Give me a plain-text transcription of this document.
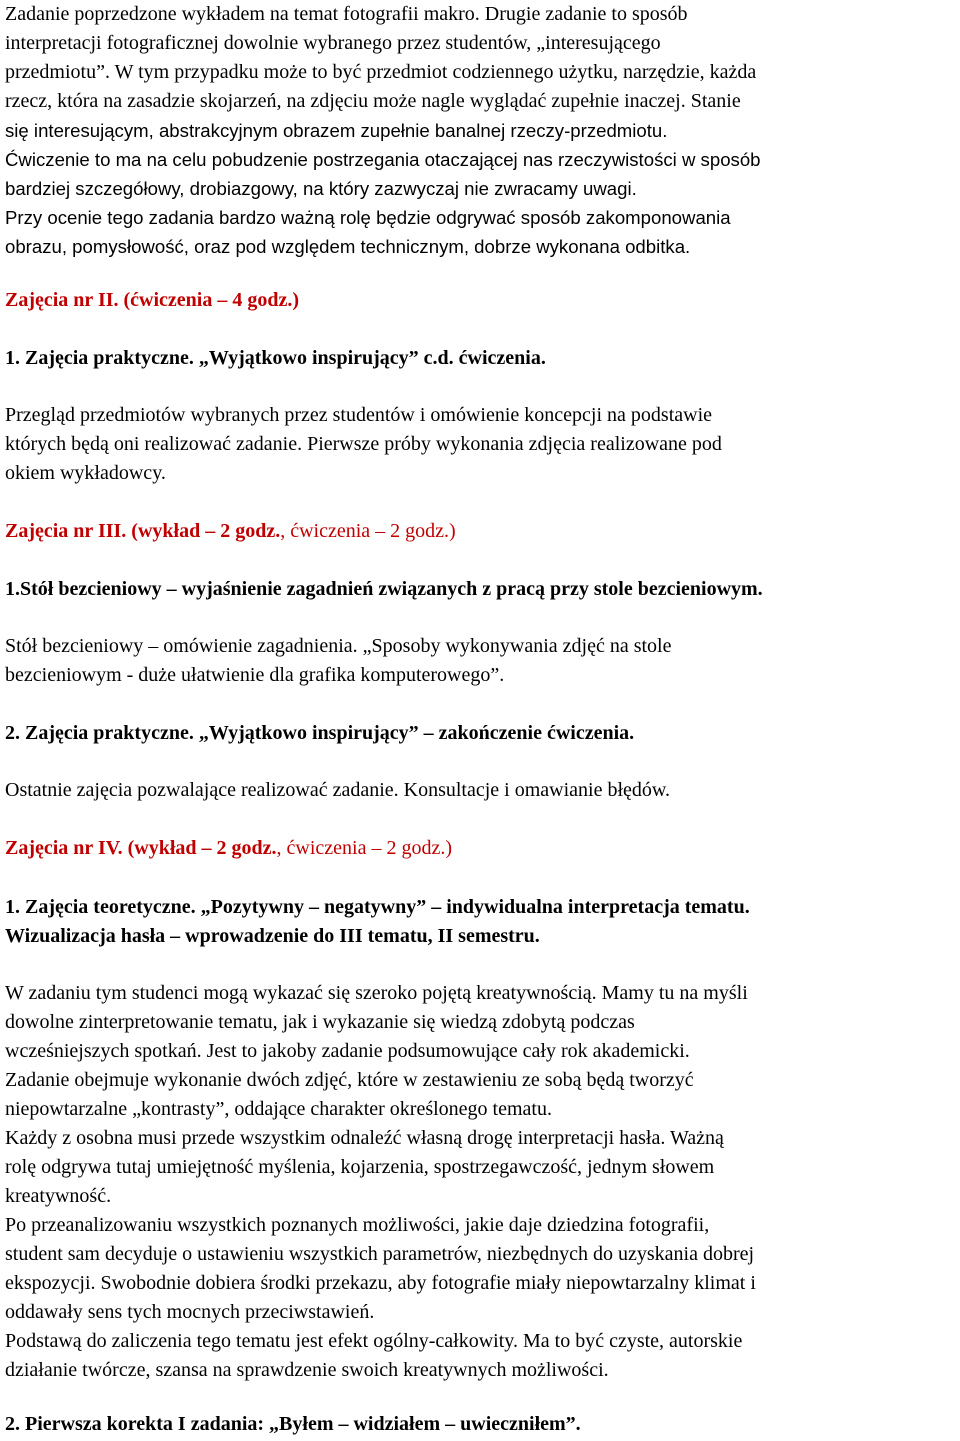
Zadanie poprzedzone wykładem na temat fotografii makro. Drugie zadanie to sposób
interpretacji fotograficznej dowolnie wybranego przez studentów, „interesującego
przedmiotu”. W tym przypadku może to być przedmiot codziennego użytku, narzędzie, każda
rzecz, która na zasadzie skojarzeń, na zdjęciu może nagle wyglądać zupełnie inaczej. Stanie
się interesującym, abstrakcyjnym obrazem zupełnie banalnej rzeczy-przedmiotu.
Ćwiczenie to ma na celu pobudzenie postrzegania otaczającej nas rzeczywistości w sposób
bardziej szczegółowy, drobiazgowy, na który zazwyczaj nie zwracamy uwagi.
Przy ocenie tego zadania bardzo ważną rolę będzie odgrywać sposób zakomponowania
obrazu, pomysłowość, oraz pod względem technicznym, dobrze wykonana odbitka.
Zajęcia nr II. (ćwiczenia – 4 godz.)
1. Zajęcia praktyczne. „Wyjątkowo inspirujący” c.d. ćwiczenia.
Przegląd przedmiotów wybranych przez studentów i omówienie koncepcji na podstawie
których będą oni realizować zadanie. Pierwsze próby wykonania zdjęcia realizowane pod
okiem wykładowcy.
Zajęcia nr III. (wykład – 2 godz., ćwiczenia – 2 godz.)
1.Stół bezcieniowy – wyjaśnienie zagadnień związanych z pracą przy stole bezcieniowym.
Stół bezcieniowy – omówienie zagadnienia. „Sposoby wykonywania zdjęć na stole
bezcieniowym - duże ułatwienie dla grafika komputerowego”.
2. Zajęcia praktyczne. „Wyjątkowo inspirujący” – zakończenie ćwiczenia.
Ostatnie zajęcia pozwalające realizować zadanie. Konsultacje i omawianie błędów.
Zajęcia nr IV. (wykład – 2 godz., ćwiczenia – 2 godz.)
1. Zajęcia teoretyczne. „Pozytywny – negatywny” – indywidualna interpretacja tematu.
Wizualizacja hasła – wprowadzenie do III tematu, II semestru.
W zadaniu tym studenci mogą wykazać się szeroko pojętą kreatywnością. Mamy tu na myśli
dowolne zinterpretowanie tematu, jak i wykazanie się wiedzą zdobytą podczas
wcześniejszych spotkań. Jest to jakoby zadanie podsumowujące cały rok akademicki.
Zadanie obejmuje wykonanie dwóch zdjęć, które w zestawieniu ze sobą będą tworzyć
niepowtarzalne „kontrasty”, oddające charakter określonego tematu.
Każdy z osobna musi przede wszystkim odnaleźć własną drogę interpretacji hasła. Ważną
rolę odgrywa tutaj umiejętność myślenia, kojarzenia, spostrzegawczość, jednym słowem
kreatywność.
Po przeanalizowaniu wszystkich poznanych możliwości, jakie daje dziedzina fotografii,
student sam decyduje o ustawieniu wszystkich parametrów, niezbędnych do uzyskania dobrej
ekspozycji. Swobodnie dobiera środki przekazu, aby fotografie miały niepowtarzalny klimat i
oddawały sens tych mocnych przeciwstawień.
Podstawą do zaliczenia tego tematu jest efekt ogólny-całkowity. Ma to być czyste, autorskie
działanie twórcze, szansa na sprawdzenie swoich kreatywnych możliwości.
2. Pierwsza korekta I zadania: „Byłem – widziałem – uwieczniłem”.
